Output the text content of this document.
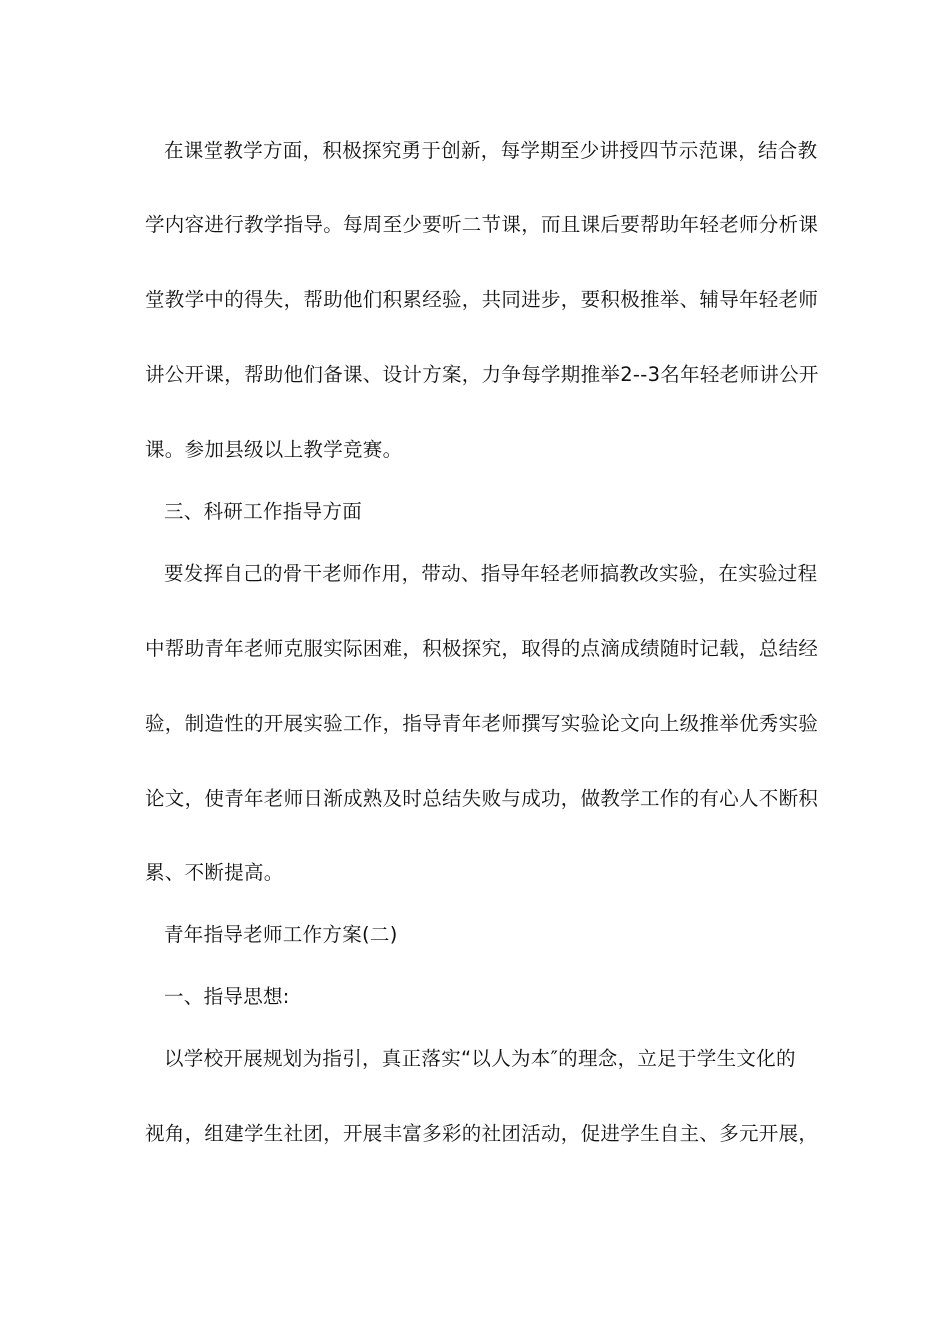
在课堂教学方面，积极探究勇于创新，每学期至少讲授四节示范课，结合教
学内容进行教学指导。每周至少要听二节课，而且课后要帮助年轻老师分析课
堂教学中的得失，帮助他们积累经验，共同进步，要积极推举、辅导年轻老师
讲公开课，帮助他们备课、设计方案，力争每学期推举2--3名年轻老师讲公开
课。参加县级以上教学竞赛。
三、科研工作指导方面
要发挥自己的骨干老师作用，带动、指导年轻老师搞教改实验，在实验过程
中帮助青年老师克服实际困难，积极探究，取得的点滴成绩随时记载，总结经
验，制造性的开展实验工作，指导青年老师撰写实验论文向上级推举优秀实验
论文，使青年老师日渐成熟及时总结失败与成功，做教学工作的有心人不断积
累、不断提高。
青年指导老师工作方案(二)
一、指导思想:
以学校开展规划为指引，真正落实“以人为本″的理念，立足于学生文化的
视角，组建学生社团，开展丰富多彩的社团活动，促进学生自主、多元开展，
